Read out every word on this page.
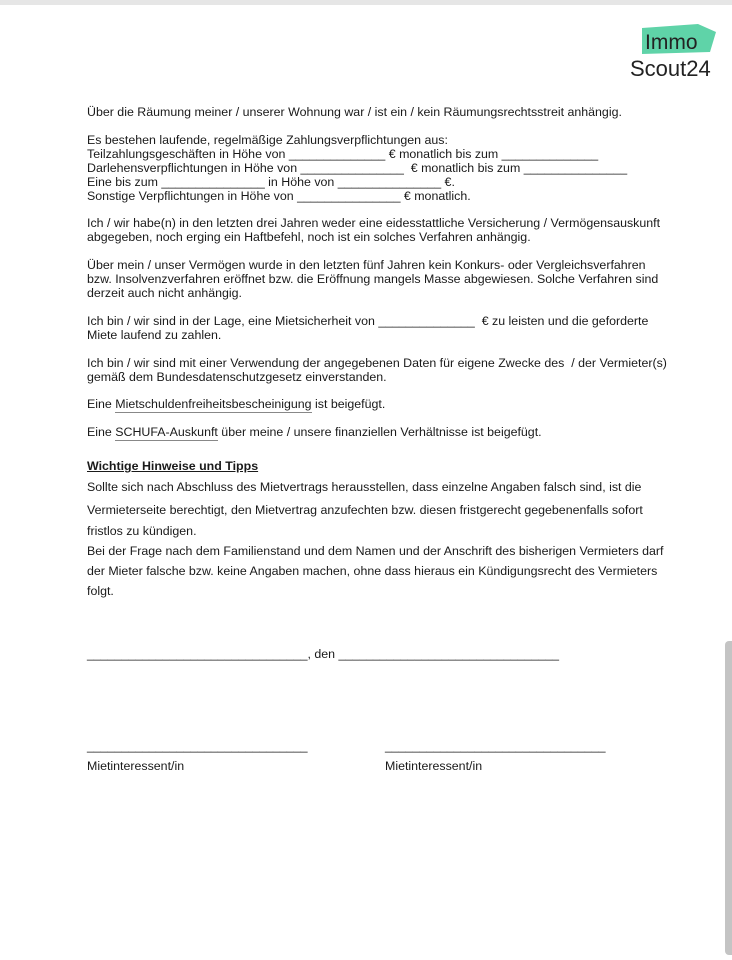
Immo
Scout24
Über die Räumung meiner / unserer Wohnung war / ist ein / kein Räumungsrechtsstreit anhängig.
Es bestehen laufende, regelmäßige Zahlungsverpflichtungen aus:
Teilzahlungsgeschäften in Höhe von ______________ € monatlich bis zum ______________
Darlehensverpflichtungen in Höhe von _______________  € monatlich bis zum _______________
Eine bis zum _______________ in Höhe von _______________ €.
Sonstige Verpflichtungen in Höhe von _______________ € monatlich.
Ich / wir habe(n) in den letzten drei Jahren weder eine eidesstattliche Versicherung / Vermögensauskunft
abgegeben, noch erging ein Haftbefehl, noch ist ein solches Verfahren anhängig.
Über mein / unser Vermögen wurde in den letzten fünf Jahren kein Konkurs- oder Vergleichsverfahren
bzw. Insolvenzverfahren eröffnet bzw. die Eröffnung mangels Masse abgewiesen. Solche Verfahren sind
derzeit auch nicht anhängig.
Ich bin / wir sind in der Lage, eine Mietsicherheit von ______________  € zu leisten und die geforderte
Miete laufend zu zahlen.
Ich bin / wir sind mit einer Verwendung der angegebenen Daten für eigene Zwecke des  / der Vermieter(s)
gemäß dem Bundesdatenschutzgesetz einverstanden.
Eine Mietschuldenfreiheitsbescheinigung ist beigefügt.
Eine SCHUFA-Auskunft über meine / unsere finanziellen Verhältnisse ist beigefügt.
Wichtige Hinweise und Tipps
Sollte sich nach Abschluss des Mietvertrags herausstellen, dass einzelne Angaben falsch sind, ist die
Vermieterseite berechtigt, den Mietvertrag anzufechten bzw. diesen fristgerecht gegebenenfalls sofort
fristlos zu kündigen.
Bei der Frage nach dem Familienstand und dem Namen und der Anschrift des bisherigen Vermieters darf
der Mieter falsche bzw. keine Angaben machen, ohne dass hieraus ein Kündigungsrecht des Vermieters
folgt.
________________________________, den ________________________________
________________________________	________________________________
Mietinteressent/in	Mietinteressent/in
